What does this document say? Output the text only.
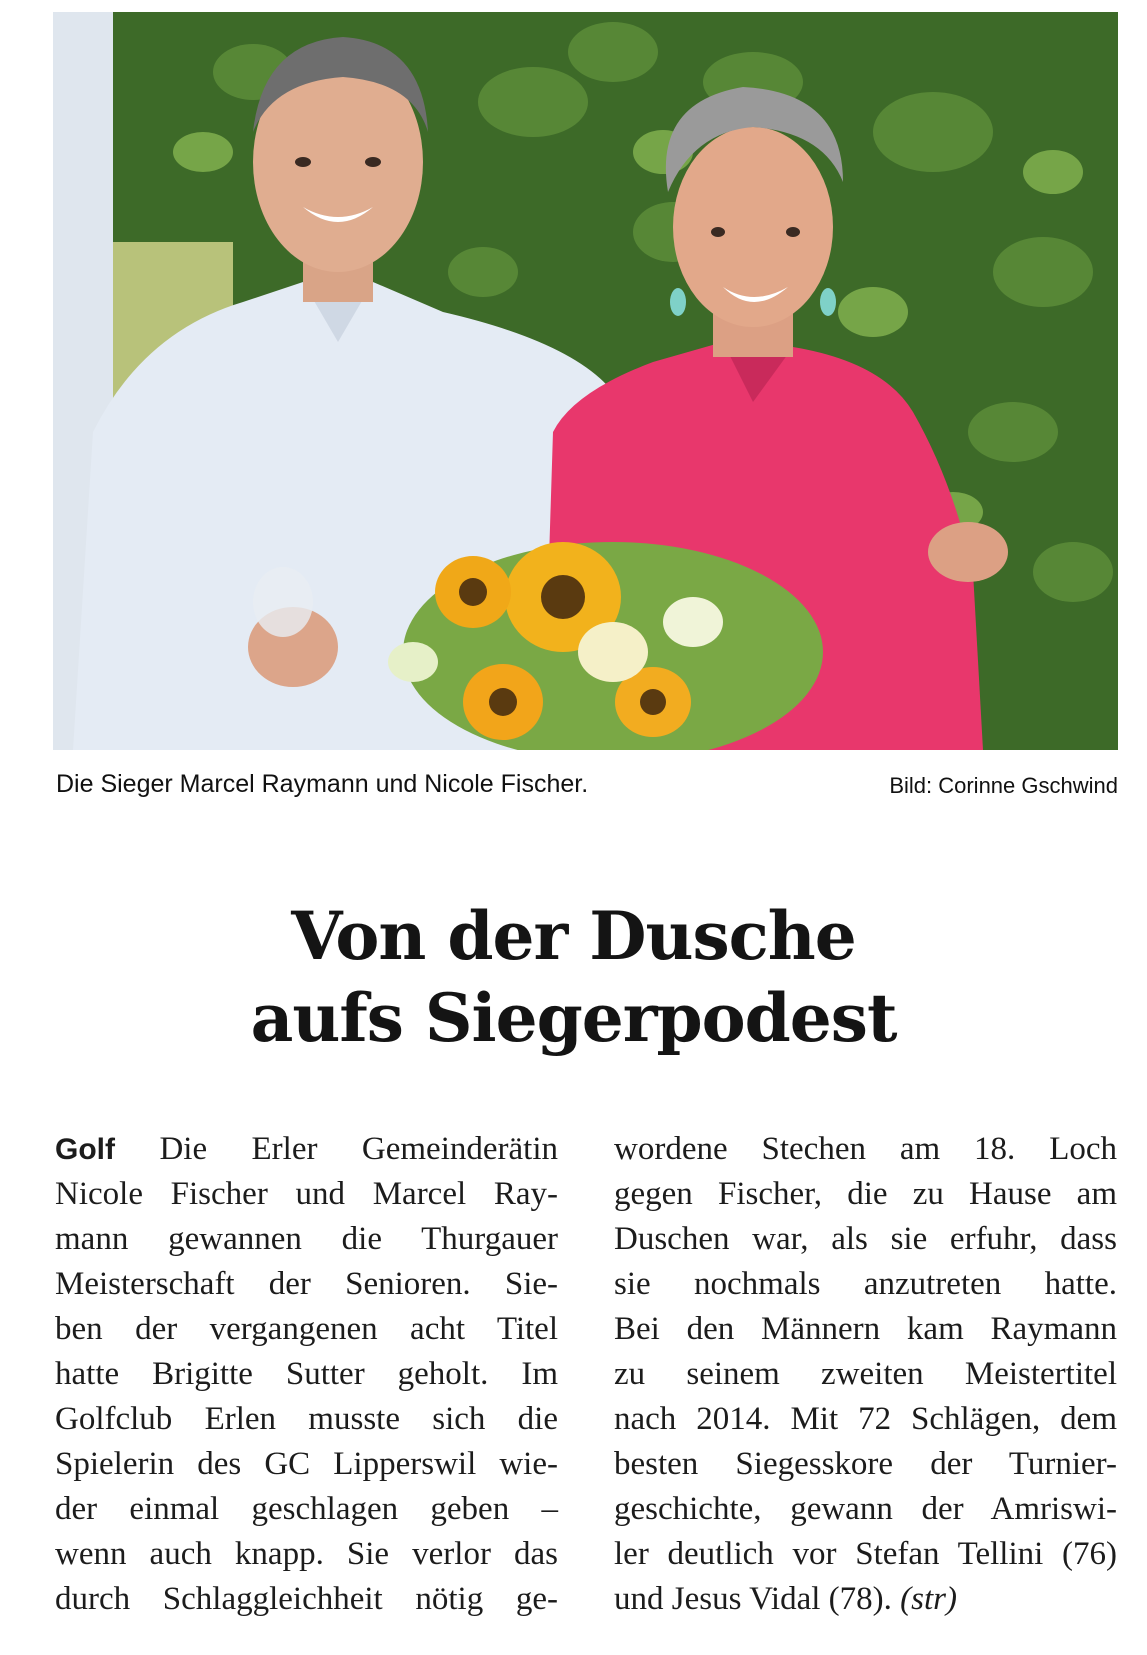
Die Sieger Marcel Raymann und Nicole Fischer.	Bild: Corinne Gschwind
Von der Dusche
aufs Siegerpodest
Golf Die Erler Gemeinderätin
Nicole Fischer und Marcel Ray-
mann gewannen die Thurgauer
Meisterschaft der Senioren. Sie-
ben der vergangenen acht Titel
hatte Brigitte Sutter geholt. Im
Golfclub Erlen musste sich die
Spielerin des GC Lipperswil wie-
der einmal geschlagen geben –
wenn auch knapp. Sie verlor das
durch Schlaggleichheit nötig ge-
wordene Stechen am 18. Loch
gegen Fischer, die zu Hause am
Duschen war, als sie erfuhr, dass
sie nochmals anzutreten hatte.
Bei den Männern kam Raymann
zu seinem zweiten Meistertitel
nach 2014. Mit 72 Schlägen, dem
besten Siegesskore der Turnier-
geschichte, gewann der Amriswi-
ler deutlich vor Stefan Tellini (76)
und Jesus Vidal (78). (str)
